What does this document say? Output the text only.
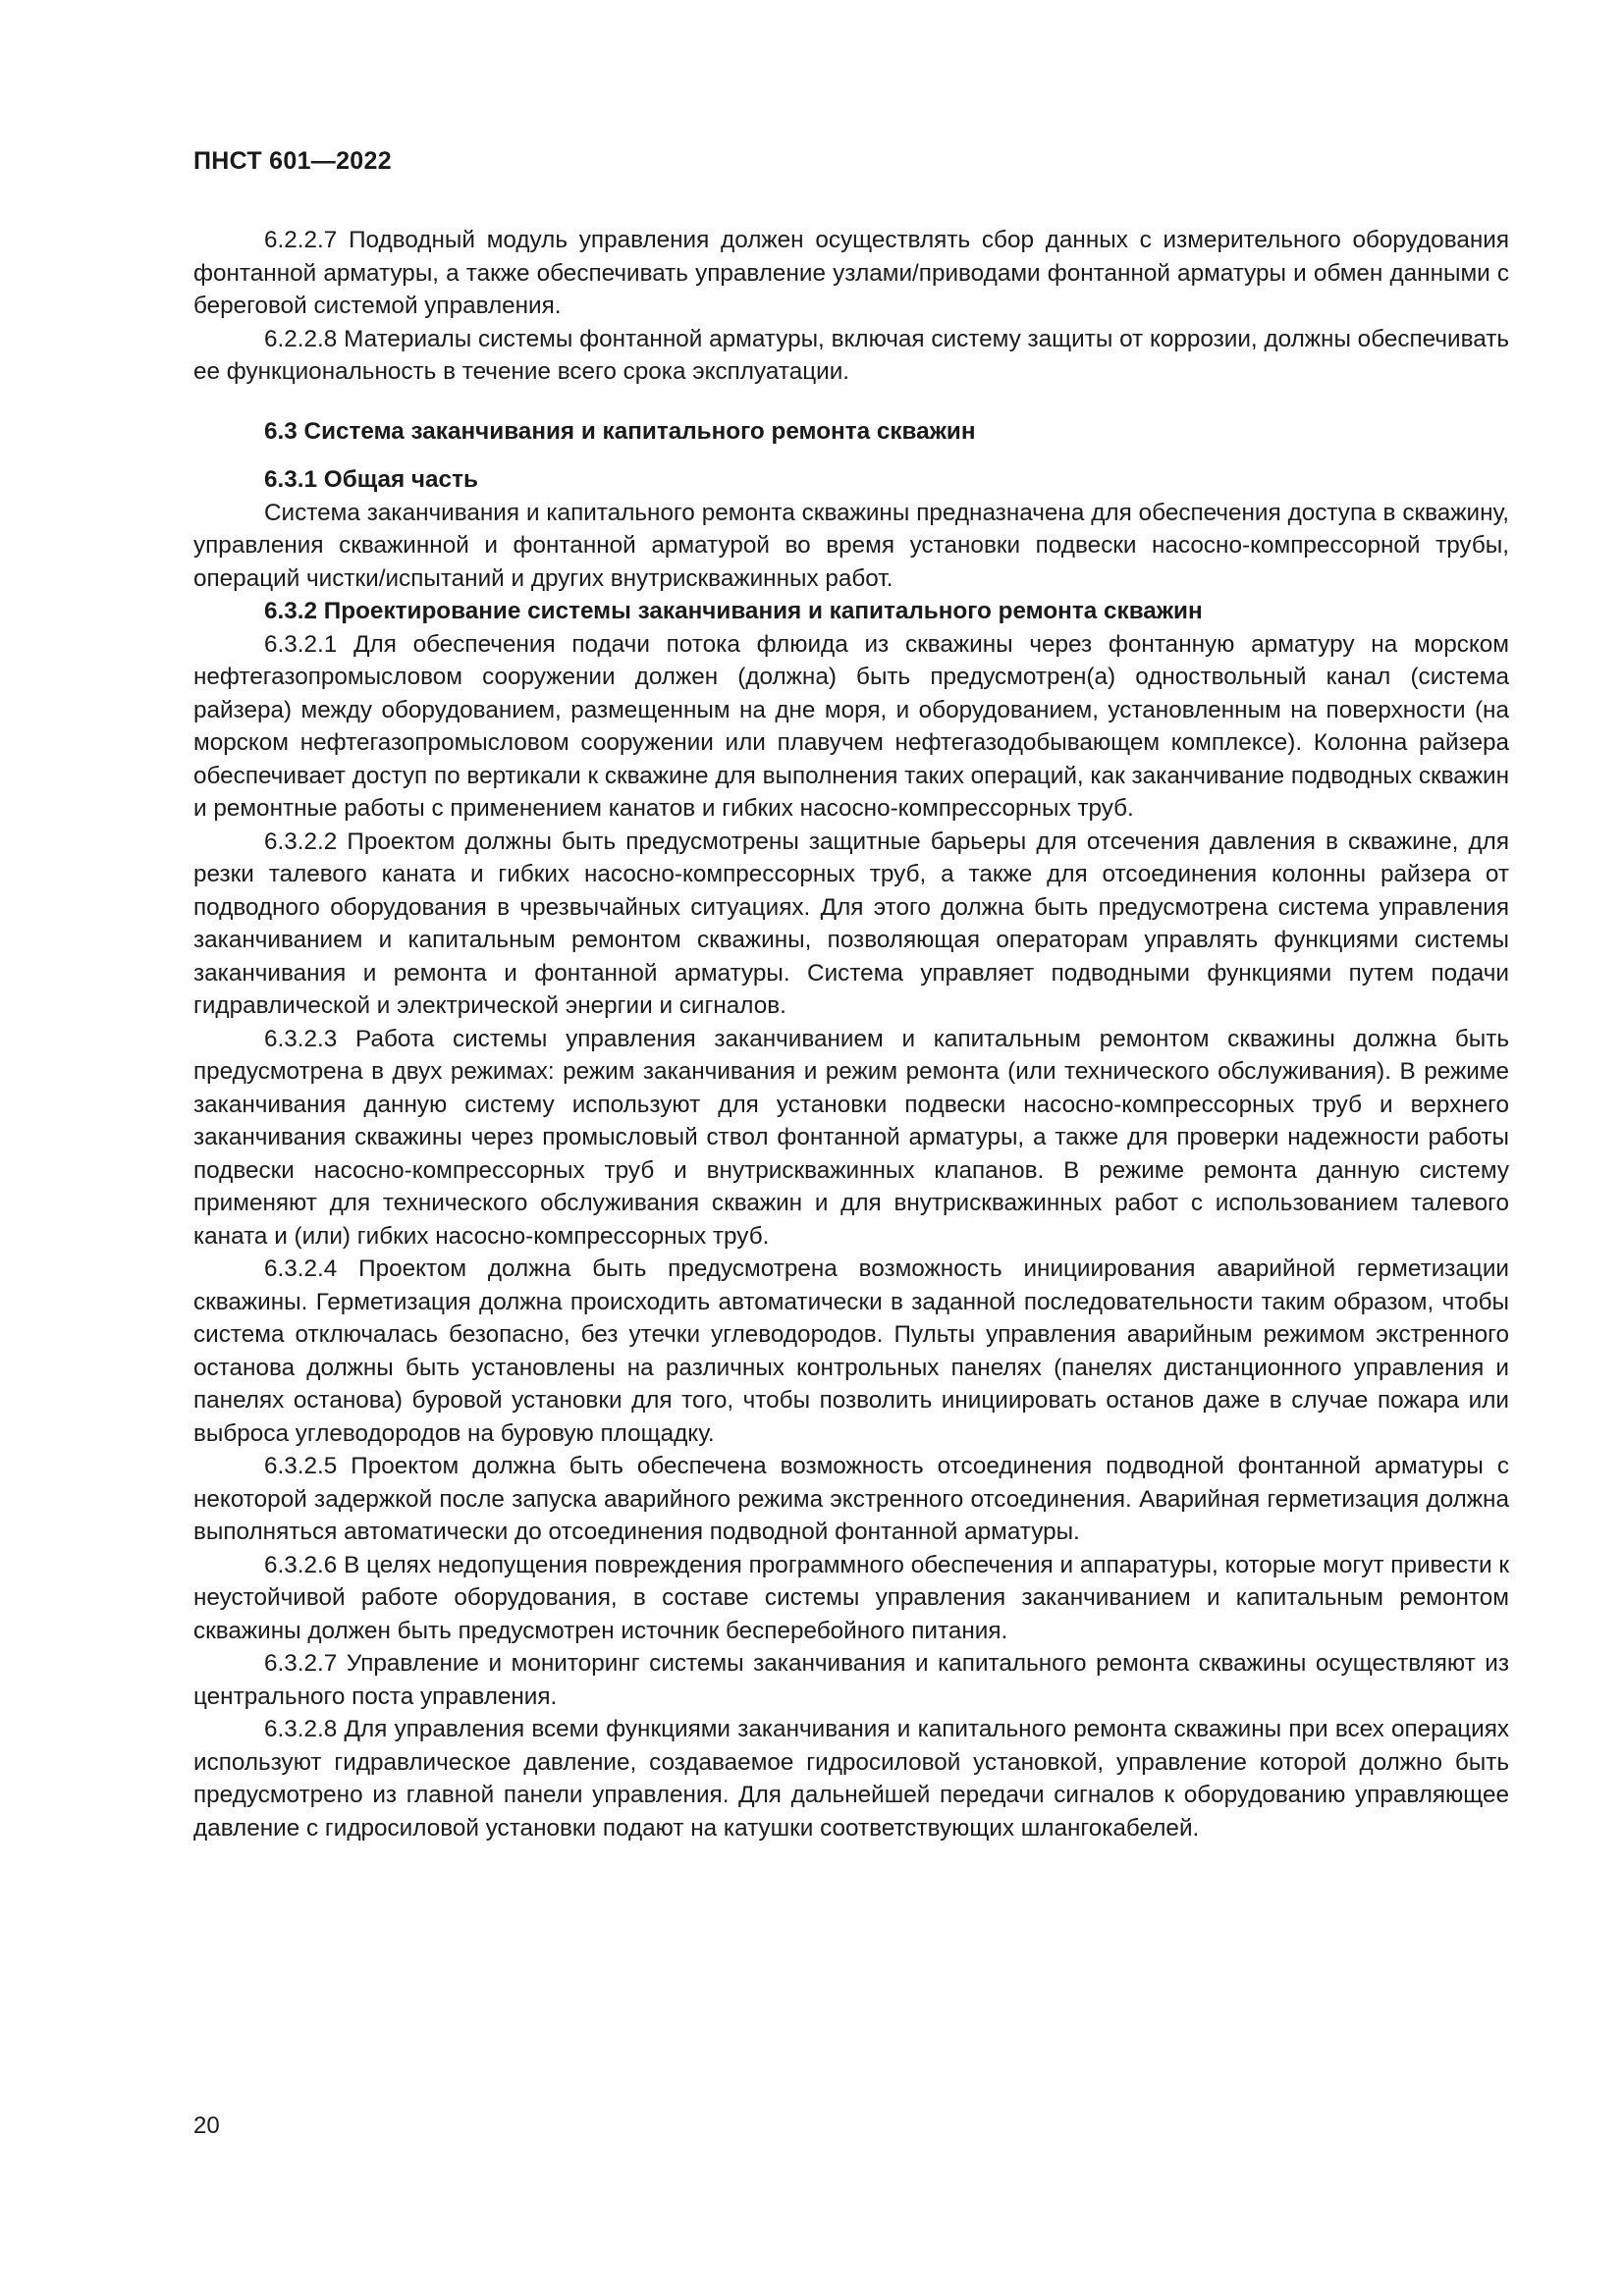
ПНСТ 601—2022

6.2.2.7 Подводный модуль управления должен осуществлять сбор данных с измерительного оборудования фонтанной арматуры, а также обеспечивать управление узлами/приводами фонтанной арматуры и обмен данными с береговой системой управления.

6.2.2.8 Материалы системы фонтанной арматуры, включая систему защиты от коррозии, должны обеспечивать ее функциональность в течение всего срока эксплуатации.

6.3 Система заканчивания и капитального ремонта скважин

6.3.1 Общая часть

Система заканчивания и капитального ремонта скважины предназначена для обеспечения доступа в скважину, управления скважинной и фонтанной арматурой во время установки подвески насосно-компрессорной трубы, операций чистки/испытаний и других внутрискважинных работ.

6.3.2 Проектирование системы заканчивания и капитального ремонта скважин

6.3.2.1 Для обеспечения подачи потока флюида из скважины через фонтанную арматуру на морском нефтегазопромысловом сооружении должен (должна) быть предусмотрен(а) одноствольный канал (система райзера) между оборудованием, размещенным на дне моря, и оборудованием, установленным на поверхности (на морском нефтегазопромысловом сооружении или плавучем нефтегазодобывающем комплексе). Колонна райзера обеспечивает доступ по вертикали к скважине для выполнения таких операций, как заканчивание подводных скважин и ремонтные работы с применением канатов и гибких насосно-компрессорных труб.

6.3.2.2 Проектом должны быть предусмотрены защитные барьеры для отсечения давления в скважине, для резки талевого каната и гибких насосно-компрессорных труб, а также для отсоединения колонны райзера от подводного оборудования в чрезвычайных ситуациях. Для этого должна быть предусмотрена система управления заканчиванием и капитальным ремонтом скважины, позволяющая операторам управлять функциями системы заканчивания и ремонта и фонтанной арматуры. Система управляет подводными функциями путем подачи гидравлической и электрической энергии и сигналов.

6.3.2.3 Работа системы управления заканчиванием и капитальным ремонтом скважины должна быть предусмотрена в двух режимах: режим заканчивания и режим ремонта (или технического обслуживания). В режиме заканчивания данную систему используют для установки подвески насосно-компрессорных труб и верхнего заканчивания скважины через промысловый ствол фонтанной арматуры, а также для проверки надежности работы подвески насосно-компрессорных труб и внутрискважинных клапанов. В режиме ремонта данную систему применяют для технического обслуживания скважин и для внутрискважинных работ с использованием талевого каната и (или) гибких насосно-компрессорных труб.

6.3.2.4 Проектом должна быть предусмотрена возможность инициирования аварийной герметизации скважины. Герметизация должна происходить автоматически в заданной последовательности таким образом, чтобы система отключалась безопасно, без утечки углеводородов. Пульты управления аварийным режимом экстренного останова должны быть установлены на различных контрольных панелях (панелях дистанционного управления и панелях останова) буровой установки для того, чтобы позволить инициировать останов даже в случае пожара или выброса углеводородов на буровую площадку.

6.3.2.5 Проектом должна быть обеспечена возможность отсоединения подводной фонтанной арматуры с некоторой задержкой после запуска аварийного режима экстренного отсоединения. Аварийная герметизация должна выполняться автоматически до отсоединения подводной фонтанной арматуры.

6.3.2.6 В целях недопущения повреждения программного обеспечения и аппаратуры, которые могут привести к неустойчивой работе оборудования, в составе системы управления заканчиванием и капитальным ремонтом скважины должен быть предусмотрен источник бесперебойного питания.

6.3.2.7 Управление и мониторинг системы заканчивания и капитального ремонта скважины осуществляют из центрального поста управления.

6.3.2.8 Для управления всеми функциями заканчивания и капитального ремонта скважины при всех операциях используют гидравлическое давление, создаваемое гидросиловой установкой, управление которой должно быть предусмотрено из главной панели управления. Для дальнейшей передачи сигналов к оборудованию управляющее давление с гидросиловой установки подают на катушки соответствующих шлангокабелей.

20
